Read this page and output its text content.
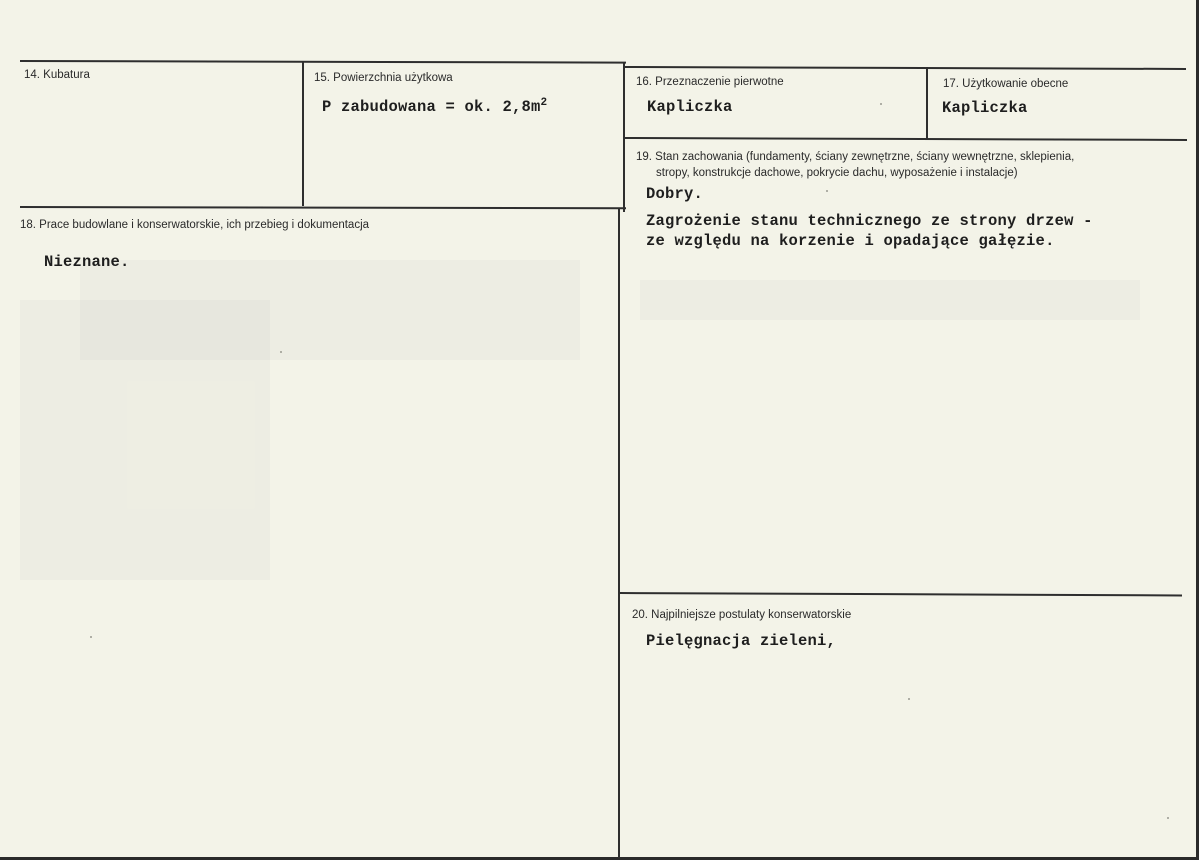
14. Kubatura	15. Powierzchnia użytkowa
P zabudowana = ok. $2,8m^2$
16. Przeznaczenie pierwotne
Kapliczka
17. Użytkowanie obecne
Kapliczka
18. Prace budowlane i konserwatorskie, ich przebieg i dokumentacja
Nieznane.
19. Stan zachowania (fundamenty, ściany zewnętrzne, ściany wewnętrzne, sklepienia,
stropy, konstrukcje dachowe, pokrycie dachu, wyposażenie i instalacje)
Dobry.
Zagrożenie stanu technicznego ze strony drzew -
ze względu na korzenie i opadające gałęzie.
20. Najpilniejsze postulaty konserwatorskie
Pielęgnacja zieleni,
